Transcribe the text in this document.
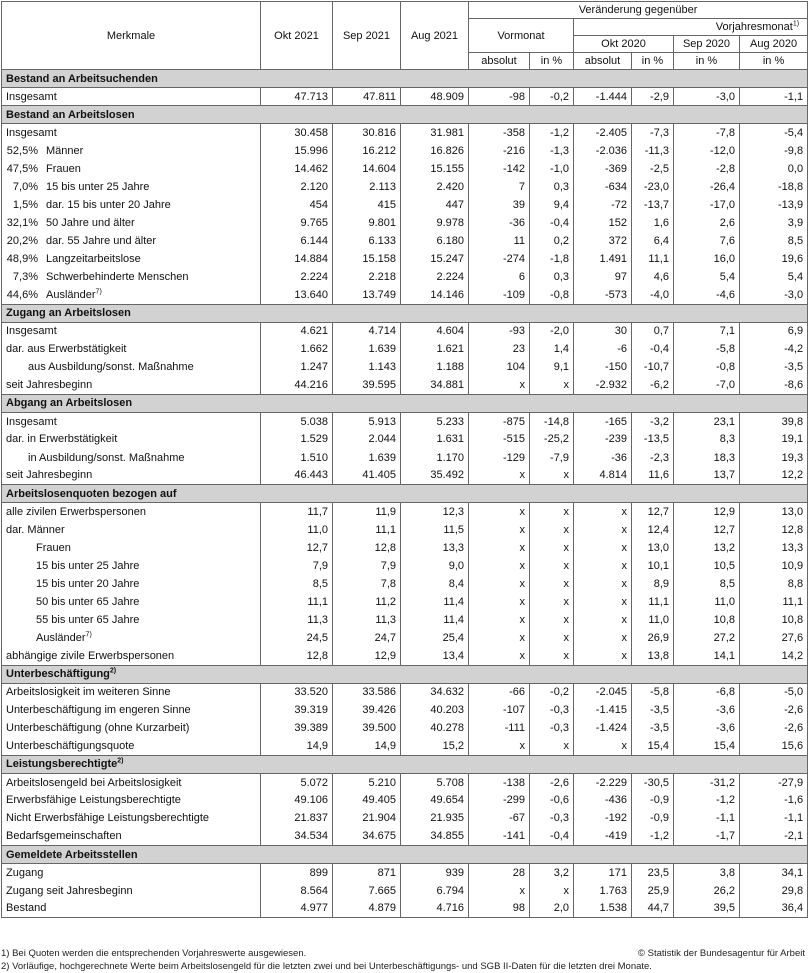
Merkmale	Okt 2021	Sep 2021	Aug 2021	Veränderung gegenüber					
				Vormonat		Vorjahresmonat$^{1)}$
						Okt 2020		Sep 2020	Aug 2020
				absolut	in %	absolut	in %	in %	in %
Bestand an Arbeitsuchenden									
Insgesamt	47.713	47.811	48.909	-98	-0,2	-1.444	-2,9	-3,0	-1,1
Bestand an Arbeitslosen									
Insgesamt	30.458	30.816	31.981	-358	-1,2	-2.405	-7,3	-7,8	-5,4
52,5% Männer	15.996	16.212	16.826	-216	-1,3	-2.036	-11,3	-12,0	-9,8
47,5% Frauen	14.462	14.604	15.155	-142	-1,0	-369	-2,5	-2,8	0,0
7,0% 15 bis unter 25 Jahre	2.120	2.113	2.420	7	0,3	-634	-23,0	-26,4	-18,8
1,5% dar. 15 bis unter 20 Jahre	454	415	447	39	9,4	-72	-13,7	-17,0	-13,9
32,1% 50 Jahre und älter	9.765	9.801	9.978	-36	-0,4	152	1,6	2,6	3,9
20,2% dar. 55 Jahre und älter	6.144	6.133	6.180	11	0,2	372	6,4	7,6	8,5
48,9% Langzeitarbeitslose	14.884	15.158	15.247	-274	-1,8	1.491	11,1	16,0	19,6
7,3% Schwerbehinderte Menschen	2.224	2.218	2.224	6	0,3	97	4,6	5,4	5,4
44,6% Ausländer$^{7)}$	13.640	13.749	14.146	-109	-0,8	-573	-4,0	-4,6	-3,0
Zugang an Arbeitslosen									
Insgesamt	4.621	4.714	4.604	-93	-2,0	30	0,7	7,1	6,9
dar. aus Erwerbstätigkeit	1.662	1.639	1.621	23	1,4	-6	-0,4	-5,8	-4,2
aus Ausbildung/sonst. Maßnahme	1.247	1.143	1.188	104	9,1	-150	-10,7	-0,8	-3,5
seit Jahresbeginn	44.216	39.595	34.881	x	x	-2.932	-6,2	-7,0	-8,6
Abgang an Arbeitslosen									
Insgesamt	5.038	5.913	5.233	-875	-14,8	-165	-3,2	23,1	39,8
dar. in Erwerbstätigkeit	1.529	2.044	1.631	-515	-25,2	-239	-13,5	8,3	19,1
in Ausbildung/sonst. Maßnahme	1.510	1.639	1.170	-129	-7,9	-36	-2,3	18,3	19,3
seit Jahresbeginn	46.443	41.405	35.492	x	x	4.814	11,6	13,7	12,2
Arbeitslosenquoten bezogen auf									
alle zivilen Erwerbspersonen	11,7	11,9	12,3	x	x	x	12,7	12,9	13,0
dar. Männer	11,0	11,1	11,5	x	x	x	12,4	12,7	12,8
Frauen	12,7	12,8	13,3	x	x	x	13,0	13,2	13,3
15 bis unter 25 Jahre	7,9	7,9	9,0	x	x	x	10,1	10,5	10,9
15 bis unter 20 Jahre	8,5	7,8	8,4	x	x	x	8,9	8,5	8,8
50 bis unter 65 Jahre	11,1	11,2	11,4	x	x	x	11,1	11,0	11,1
55 bis unter 65 Jahre	11,3	11,3	11,4	x	x	x	11,0	10,8	10,8
Ausländer$^{7)}$	24,5	24,7	25,4	x	x	x	26,9	27,2	27,6
abhängige zivile Erwerbspersonen	12,8	12,9	13,4	x	x	x	13,8	14,1	14,2
Unterbeschäftigung$^{2)}$	
Arbeitslosigkeit im weiteren Sinne	33.520	33.586	34.632	-66	-0,2	-2.045	-5,8	-6,8	-5,0
Unterbeschäftigung im engeren Sinne	39.319	39.426	40.203	-107	-0,3	-1.415	-3,5	-3,6	-2,6
Unterbeschäftigung (ohne Kurzarbeit)	39.389	39.500	40.278	-111	-0,3	-1.424	-3,5	-3,6	-2,6
Unterbeschäftigungsquote	14,9	14,9	15,2	x	x	x	15,4	15,4	15,6
Leistungsberechtigte$^{2)}$	
Arbeitslosengeld bei Arbeitslosigkeit	5.072	5.210	5.708	-138	-2,6	-2.229	-30,5	-31,2	-27,9
Erwerbsfähige Leistungsberechtigte	49.106	49.405	49.654	-299	-0,6	-436	-0,9	-1,2	-1,6
Nicht Erwerbsfähige Leistungsberechtigte	21.837	21.904	21.935	-67	-0,3	-192	-0,9	-1,1	-1,1
Bedarfsgemeinschaften	34.534	34.675	34.855	-141	-0,4	-419	-1,2	-1,7	-2,1
Gemeldete Arbeitsstellen									
Zugang	899	871	939	28	3,2	171	23,5	3,8	34,1
Zugang seit Jahresbeginn	8.564	7.665	6.794	x	x	1.763	25,9	26,2	29,8
Bestand	4.977	4.879	4.716	98	2,0	1.538	44,7	39,5	36,4
1) Bei Quoten werden die entsprechenden Vorjahreswerte ausgewiesen.	© Statistik der Bundesagentur für Arbeit
2) Vorläufige, hochgerechnete Werte beim Arbeitslosengeld für die letzten zwei und bei Unterbeschäftigungs- und SGB II-Daten für die letzten drei Monate.
